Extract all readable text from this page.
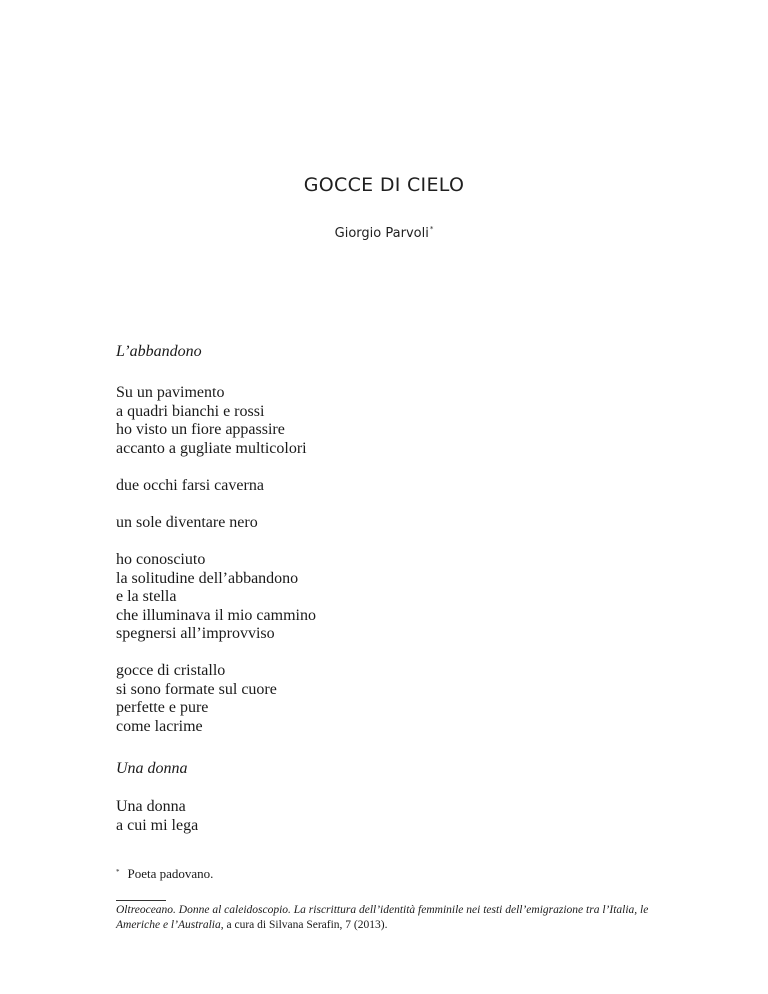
GOCCE DI CIELO
Giorgio Parvoli*
L’abbandono
Su un pavimento
a quadri bianchi e rossi
ho visto un fiore appassire
accanto a gugliate multicolori
due occhi farsi caverna
un sole diventare nero
ho conosciuto
la solitudine dell’abbandono
e la stella
che illuminava il mio cammino
spegnersi all’improvviso
gocce di cristallo
si sono formate sul cuore
perfette e pure
come lacrime
Una donna
Una donna
a cui mi lega
* Poeta padovano.
Oltreoceano. Donne al caleidoscopio. La riscrittura dell’identità femminile nei testi dell’emigrazione tra l’Italia, le Americhe e l’Australia, a cura di Silvana Serafin, 7 (2013).
